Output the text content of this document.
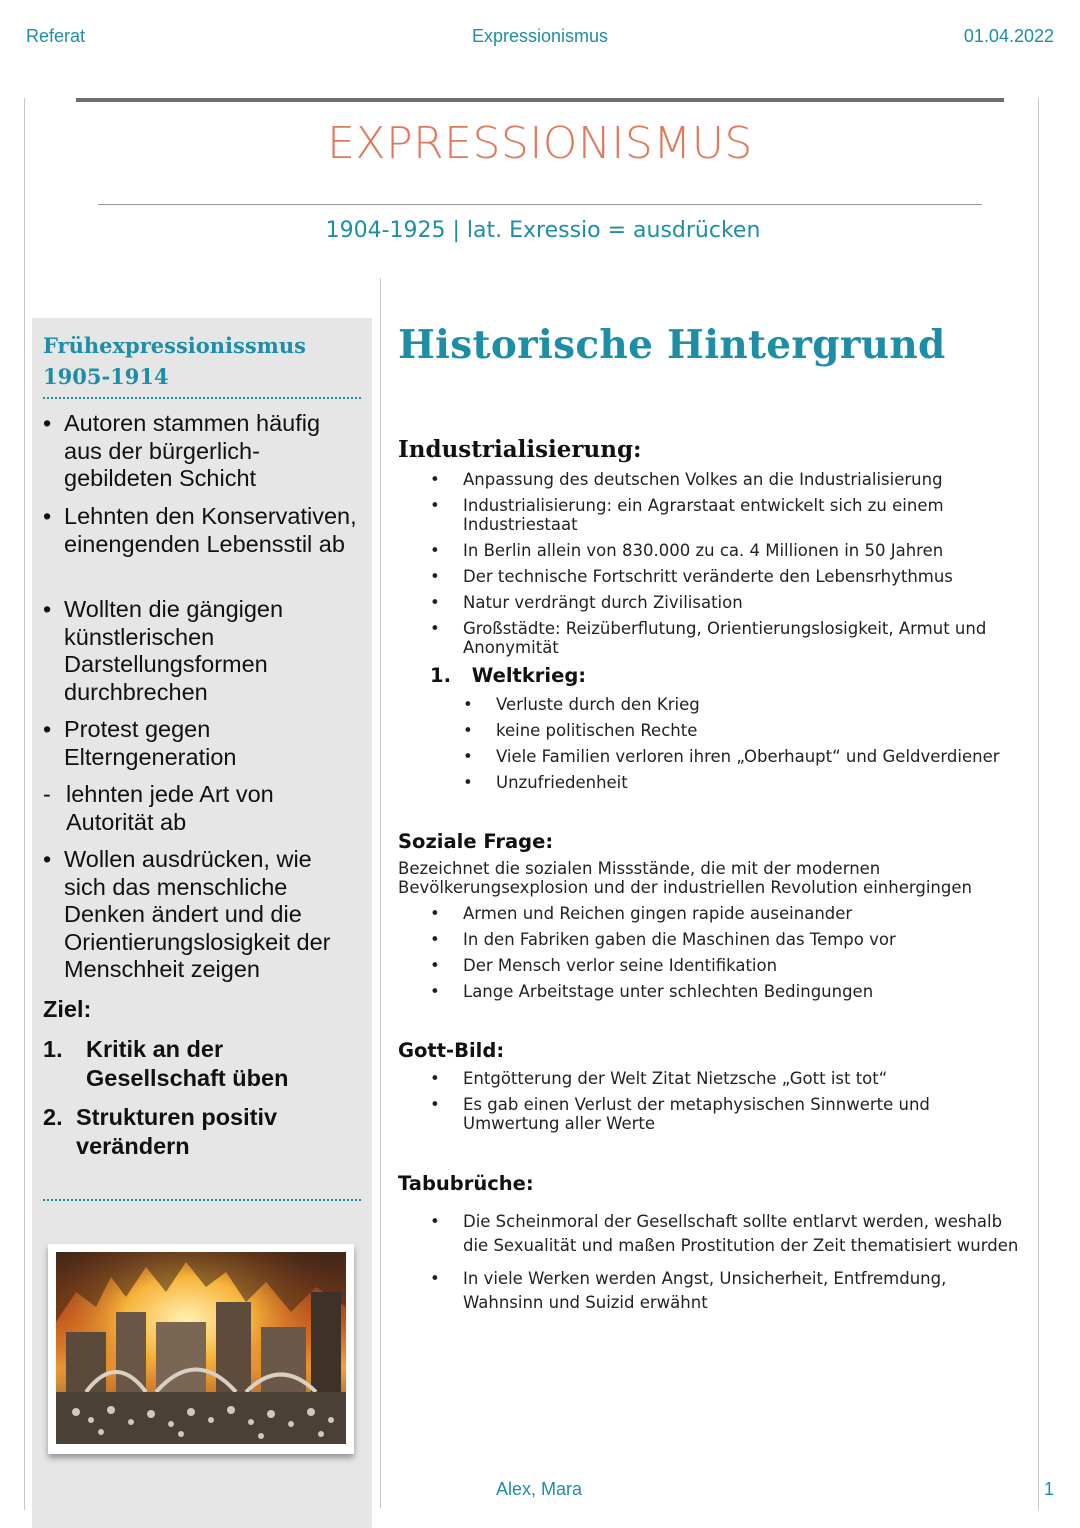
Referat	Expressionismus	01.04.2022
EXPRESSIONISMUS
1904-1925 | lat. Exressio = ausdrücken
Frühexpressionissmus
1905-1914
• Autoren stammen häufig aus der bürgerlich-gebildeten Schicht
• Lehnten den Konservativen, einengenden Lebensstil ab
• Wollten die gängigen künstlerischen Darstellungsformen durchbrechen
• Protest gegen Elterngeneration
- lehnten jede Art von Autorität ab
• Wollen ausdrücken, wie sich das menschliche Denken ändert und die Orientierungslosigkeit der Menschheit zeigen
Ziel:
1. Kritik an der Gesellschaft üben
2. Strukturen positiv verändern
Historische Hintergrund
Industrialisierung:
• Anpassung des deutschen Volkes an die Industrialisierung
• Industrialisierung: ein Agrarstaat entwickelt sich zu einem Industriestaat
• In Berlin allein von 830.000 zu ca. 4 Millionen in 50 Jahren
• Der technische Fortschritt veränderte den Lebensrhythmus
• Natur verdrängt durch Zivilisation
• Großstädte: Reizüberflutung, Orientierungslosigkeit, Armut und Anonymität
1. Weltkrieg:
• Verluste durch den Krieg
• keine politischen Rechte
• Viele Familien verloren ihren „Oberhaupt“ und Geldverdiener
• Unzufriedenheit
Soziale Frage:
Bezeichnet die sozialen Missstände, die mit der modernen Bevölkerungsexplosion und der industriellen Revolution einhergingen
• Armen und Reichen gingen rapide auseinander
• In den Fabriken gaben die Maschinen das Tempo vor
• Der Mensch verlor seine Identifikation
• Lange Arbeitstage unter schlechten Bedingungen
Gott-Bild:
• Entgötterung der Welt Zitat Nietzsche „Gott ist tot“
• Es gab einen Verlust der metaphysischen Sinnwerte und Umwertung aller Werte
Tabubrüche:
• Die Scheinmoral der Gesellschaft sollte entlarvt werden, weshalb die Sexualität und maßen Prostitution der Zeit thematisiert wurden
• In viele Werken werden Angst, Unsicherheit, Entfremdung, Wahnsinn und Suizid erwähnt
Alex, Mara	1
